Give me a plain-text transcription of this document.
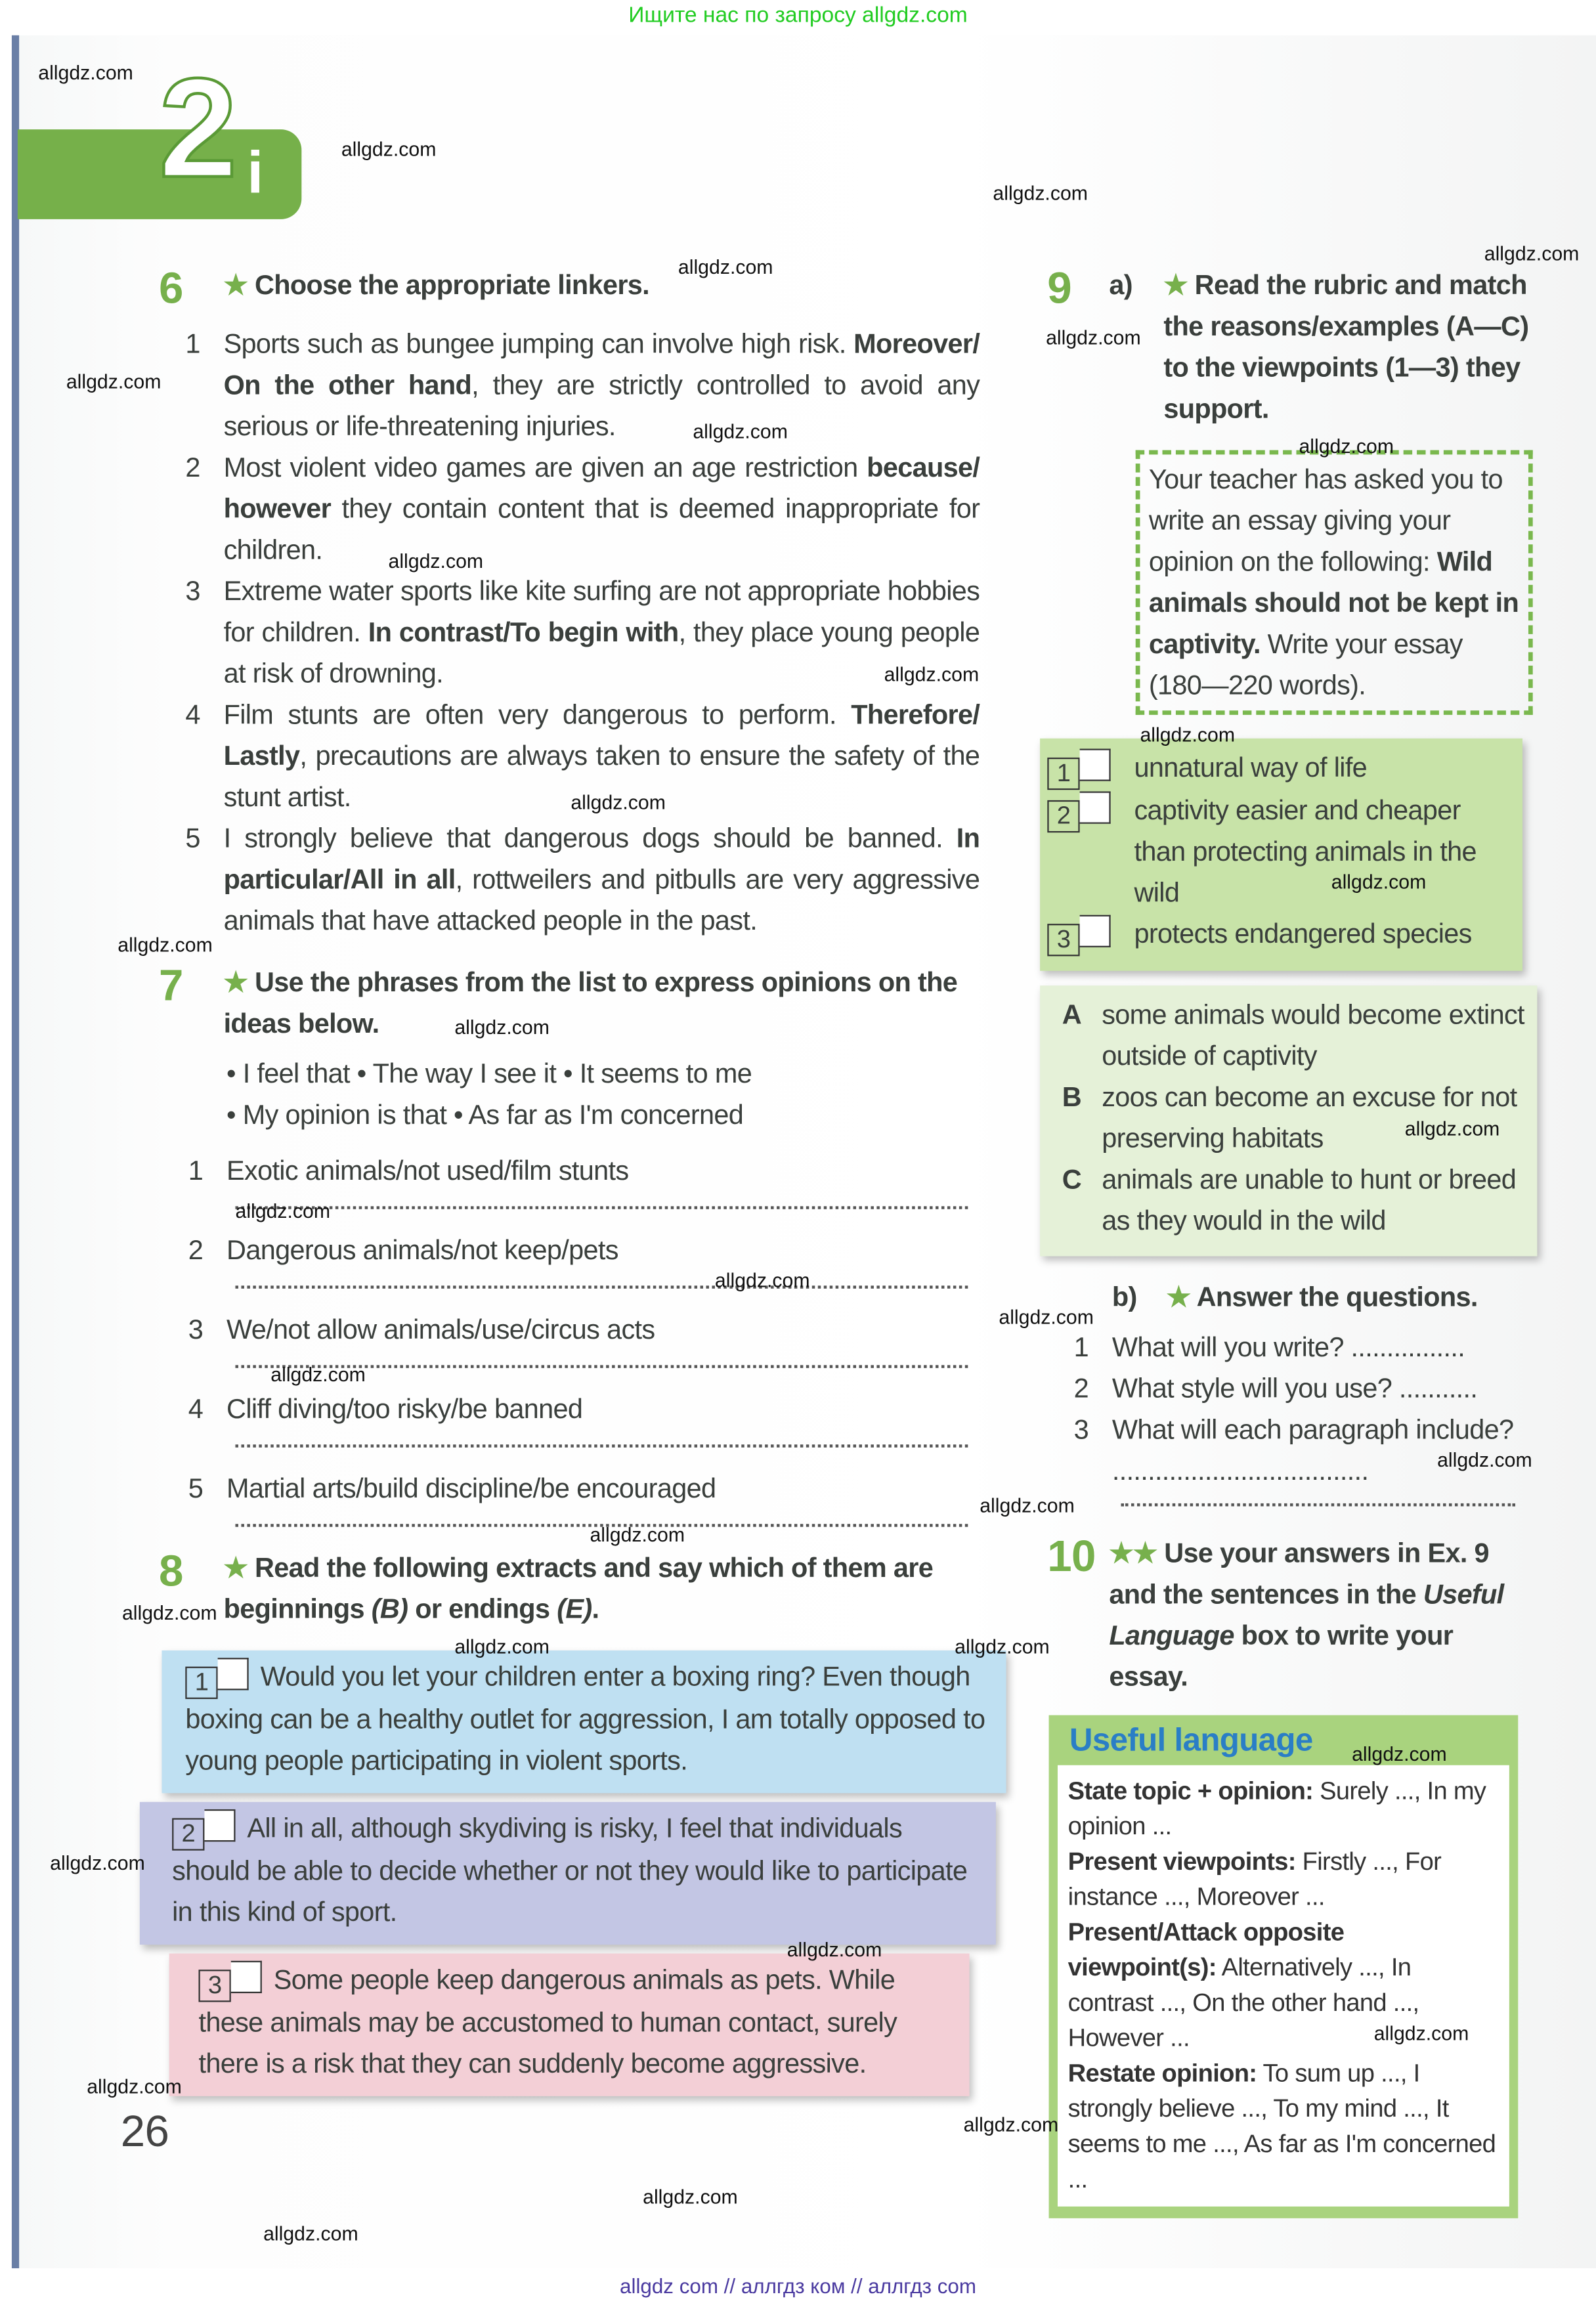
Ищите нас по запросу allgdz.com
2 i
6	★ Choose the appropriate linkers.
1 Sports such as bungee jumping can involve high risk. Moreover/ On the other hand, they are strictly controlled to avoid any serious or life-threatening injuries.
2 Most violent video games are given an age restriction because/ however they contain content that is deemed inappropriate for children.
3 Extreme water sports like kite surfing are not appropriate hobbies for children. In contrast/To begin with, they place young people at risk of drowning.
4 Film stunts are often very dangerous to perform. Therefore/ Lastly, precautions are always taken to ensure the safety of the stunt artist.
5 I strongly believe that dangerous dogs should be banned. In particular/All in all, rottweilers and pitbulls are very aggressive animals that have attacked people in the past.
7	★ Use the phrases from the list to express opinions on the ideas below.
• I feel that • The way I see it • It seems to me
• My opinion is that • As far as I'm concerned
1 Exotic animals/not used/film stunts
2 Dangerous animals/not keep/pets
3 We/not allow animals/use/circus acts
4 Cliff diving/too risky/be banned
5 Martial arts/build discipline/be encouraged
8	★ Read the following extracts and say which of them are beginnings (B) or endings (E).
1	Would you let your children enter a boxing ring? Even though boxing can be a healthy outlet for aggression, I am totally opposed to young people participating in violent sports.
2	All in all, although skydiving is risky, I feel that individuals should be able to decide whether or not they would like to participate in this kind of sport.
3	Some people keep dangerous animals as pets. While these animals may be accustomed to human contact, surely there is a risk that they can suddenly become aggressive.
26
9	a)	★ Read the rubric and match the reasons/examples (A—C) to the viewpoints (1—3) they support.
Your teacher has asked you to write an essay giving your opinion on the following: Wild animals should not be kept in captivity. Write your essay (180—220 words).
1	unnatural way of life
2	captivity easier and cheaper than protecting animals in the wild
3	protects endangered species
A	some animals would become extinct outside of captivity
B	zoos can become an excuse for not preserving habitats
C	animals are unable to hunt or breed as they would in the wild
b)	★ Answer the questions.
1 What will you write? ................
2 What style will you use? ...........
3 What will each paragraph include? ....................................
10	★★ Use your answers in Ex. 9 and the sentences in the Useful Language box to write your essay.
Useful language
State topic + opinion: Surely ..., In my opinion ...
Present viewpoints: Firstly ..., For instance ..., Moreover ...
Present/Attack opposite viewpoint(s): Alternatively ..., In contrast ..., On the other hand ..., However ...
Restate opinion: To sum up ..., I strongly believe ..., To my mind ..., It seems to me ..., As far as I'm concerned ...
allgdz.com
allgdz.com
allgdz.com
allgdz.com
allgdz.com
allgdz.com
allgdz.com
allgdz.com
allgdz.com
allgdz.com
allgdz.com
allgdz.com
allgdz.com
allgdz.com
allgdz.com
allgdz.com
allgdz.com
allgdz.com
allgdz.com
allgdz.com
allgdz.com
allgdz.com
allgdz.com
allgdz.com
allgdz.com
allgdz.com
allgdz.com
allgdz.com
allgdz.com
allgdz.com
allgdz.com
allgdz.com
allgdz.com
allgdz.com
allgdz.com
allgdz com // аллгдз ком // аллгдз com
